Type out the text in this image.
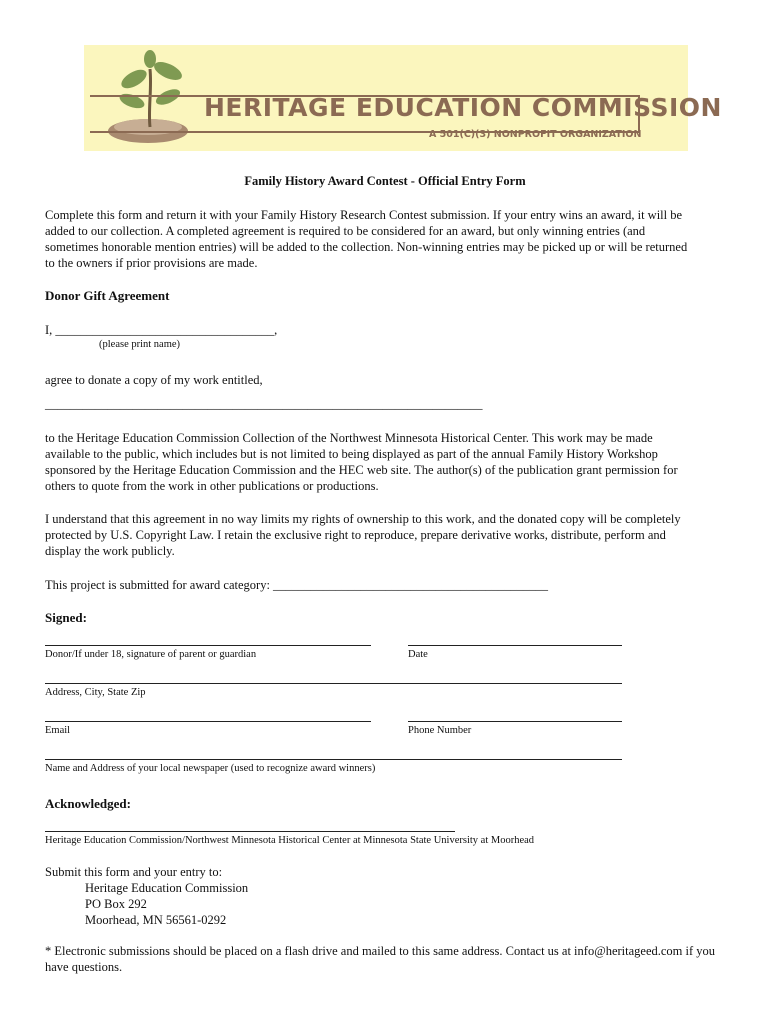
HERITAGE EDUCATION COMMISSION
A 501(C)(3) NONPROFIT ORGANIZATION
Family History Award Contest - Official Entry Form
Complete this form and return it with your Family History Research Contest submission. If your entry wins an award, it will be
added to our collection. A completed agreement is required to be considered for an award, but only winning entries (and
sometimes honorable mention entries) will be added to the collection. Non-winning entries may be picked up or will be returned
to the owners if prior provisions are made.
Donor Gift Agreement
I, ___________________________________,
(please print name)
agree to donate a copy of my work entitled,
______________________________________________________________________
to the Heritage Education Commission Collection of the Northwest Minnesota Historical Center. This work may be made
available to the public, which includes but is not limited to being displayed as part of the annual Family History Workshop
sponsored by the Heritage Education Commission and the HEC web site. The author(s) of the publication grant permission for
others to quote from the work in other publications or productions.
I understand that this agreement in no way limits my rights of ownership to this work, and the donated copy will be completely
protected by U.S. Copyright Law. I retain the exclusive right to reproduce, prepare derivative works, distribute, perform and
display the work publicly.
This project is submitted for award category: ____________________________________________
Signed:
Donor/If under 18, signature of parent or guardian	Date
Address, City, State Zip
Email	Phone Number
Name and Address of your local newspaper (used to recognize award winners)
Acknowledged:
Heritage Education Commission/Northwest Minnesota Historical Center at Minnesota State University at Moorhead
Submit this form and your entry to:
Heritage Education Commission
PO Box 292
Moorhead, MN 56561-0292
* Electronic submissions should be placed on a flash drive and mailed to this same address. Contact us at info@heritageed.com if you
have questions.
